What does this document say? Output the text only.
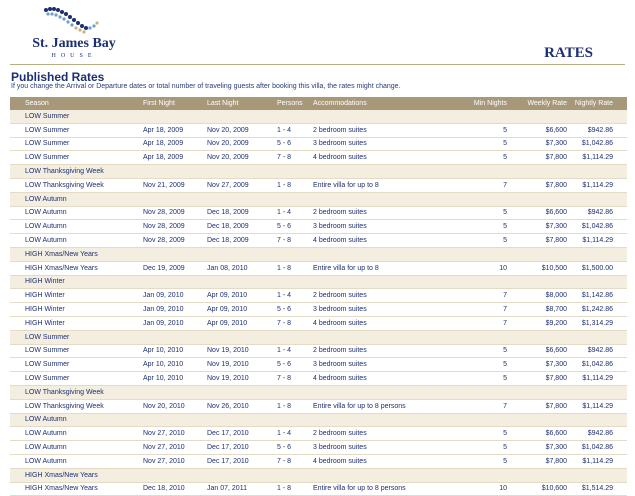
St. James Bay
HOUSE	RATES
Published Rates
If you change the Arrival or Departure dates or total number of traveling guests after booking this villa, the rates might change.
Season	First Night	Last Night	Persons	Accommodations	Min Nights	Weekly Rate	Nightly Rate
LOW Summer							
LOW Summer	Apr 18, 2009	Nov 20, 2009	1 - 4	2 bedroom suites	5	$6,600	$942.86
LOW Summer	Apr 18, 2009	Nov 20, 2009	5 - 6	3 bedroom suites	5	$7,300	$1,042.86
LOW Summer	Apr 18, 2009	Nov 20, 2009	7 - 8	4 bedroom suites	5	$7,800	$1,114.29
LOW Thanksgiving Week							
LOW Thanksgiving Week	Nov 21, 2009	Nov 27, 2009	1 - 8	Entire villa for up to 8	7	$7,800	$1,114.29
LOW Autumn							
LOW Autumn	Nov 28, 2009	Dec 18, 2009	1 - 4	2 bedroom suites	5	$6,600	$942.86
LOW Autumn	Nov 28, 2009	Dec 18, 2009	5 - 6	3 bedroom suites	5	$7,300	$1,042.86
LOW Autumn	Nov 28, 2009	Dec 18, 2009	7 - 8	4 bedroom suites	5	$7,800	$1,114.29
HIGH Xmas/New Years							
HIGH Xmas/New Years	Dec 19, 2009	Jan 08, 2010	1 - 8	Entire villa for up to 8	10	$10,500	$1,500.00
HIGH Winter							
HIGH Winter	Jan 09, 2010	Apr 09, 2010	1 - 4	2 bedroom suites	7	$8,000	$1,142.86
HIGH Winter	Jan 09, 2010	Apr 09, 2010	5 - 6	3 bedroom suites	7	$8,700	$1,242.86
HIGH Winter	Jan 09, 2010	Apr 09, 2010	7 - 8	4 bedroom suites	7	$9,200	$1,314.29
LOW Summer							
LOW Summer	Apr 10, 2010	Nov 19, 2010	1 - 4	2 bedroom suites	5	$6,600	$942.86
LOW Summer	Apr 10, 2010	Nov 19, 2010	5 - 6	3 bedroom suites	5	$7,300	$1,042.86
LOW Summer	Apr 10, 2010	Nov 19, 2010	7 - 8	4 bedroom suites	5	$7,800	$1,114.29
LOW Thanksgiving Week							
LOW Thanksgiving Week	Nov 20, 2010	Nov 26, 2010	1 - 8	Entire villa for up to 8 persons	7	$7,800	$1,114.29
LOW Autumn							
LOW Autumn	Nov 27, 2010	Dec 17, 2010	1 - 4	2 bedroom suites	5	$6,600	$942.86
LOW Autumn	Nov 27, 2010	Dec 17, 2010	5 - 6	3 bedroom suites	5	$7,300	$1,042.86
LOW Autumn	Nov 27, 2010	Dec 17, 2010	7 - 8	4 bedroom suites	5	$7,800	$1,114.29
HIGH Xmas/New Years							
HIGH Xmas/New Years	Dec 18, 2010	Jan 07, 2011	1 - 8	Entire villa for up to 8 persons	10	$10,600	$1,514.29
